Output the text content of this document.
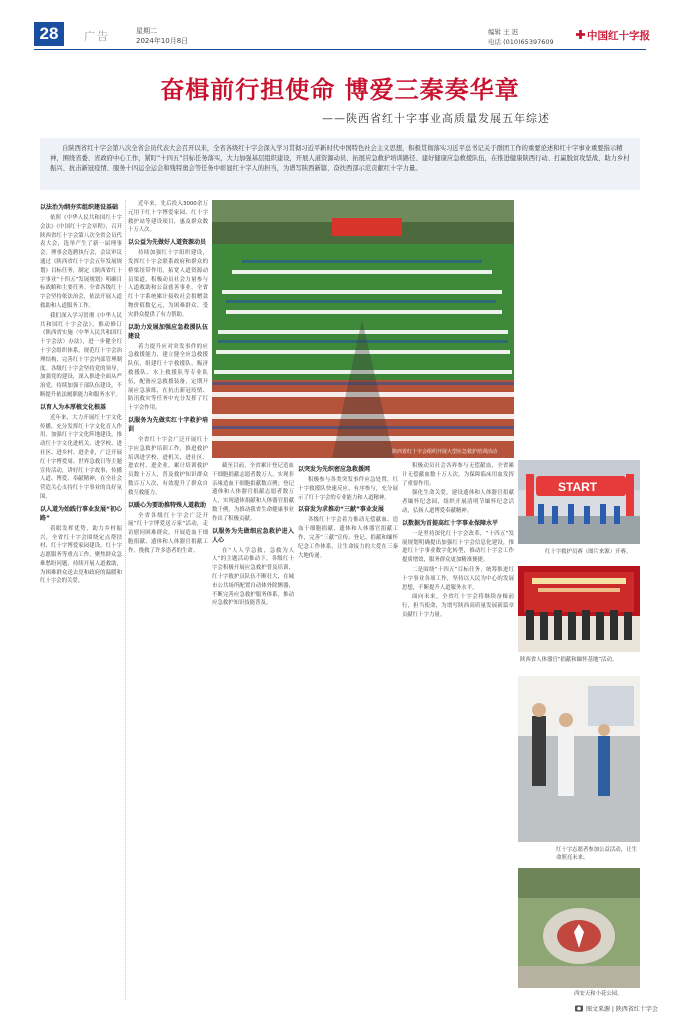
28	广告	星期二
2024年10月8日
编辑 王 迟
电话 (010)65397609	中国红十字报
奋楫前行担使命 博爱三秦奏华章
——陕西省红十字事业高质量发展五年综述
自陕西省红十字会第八次全省会员代表大会召开以来，全省各级红十字会深入学习贯彻习近平新时代中国特色社会主义思想，积极贯彻落实习近平总书记关于群团工作的重要论述和红十字事业重要指示精神，围绕省委、省政府中心工作，紧盯“十四五”目标任务落实，大力加强基层组织建设，开展人道资源动员、拓展应急救护培训路径、建好健康应急救援队伍，在推进健康陕西行动、打赢脱贫攻坚战、助力乡村振兴、抗击新冠疫情、服务十四运全运会和残特奥会等任务中彰显红十字人的担当，为谱写陕西新篇、奋扶西部示范贡献红十字力量。
以法治为纲夯实组织建设基础

依照《中华人民共和国红十字会法》《中国红十字会章程》，召开陕西省红十字会第八次全省会员代表大会，选举产生了新一届理事会。理事会选聘执行会，会议审议通过《陕西省红十字会五年发展规划》目标任务，制定《陕西省红十字事业“十四五”发展规划》明确目标战略和主要任务。全省各级红十字会坚持依法治会，依法开展人道救助和人道服务工作。

我们深入学习贯彻《中华人民共和国红十字会法》，推动修订《陕西省实施〈中华人民共和国红十字会法〉办法》，进一步健全红十字会组织体系，规范红十字会治理结构，完善红十字会内部管理制度。各级红十字会坚持党的领导，加强党的建设，深入推进全面从严治党，持续加强干部队伍建设，不断提升依法履职能力和服务水平。

以育人为本厚植文化根基

近年来，大力开展红十字文化传播，充分发挥红十字文化育人作用。加强红十字文化阵地建设，推动红十字文化进机关、进学校、进社区、进乡村、进企业，广泛开展红十字博爱周、世界急救日等主题宣传活动，讲好红十字故事，传播人道、博爱、奉献精神，在全社会营造关心支持红十字事业的良好氛围。

以人道为始践行事业发展“初心路”

着眼发挥优势，助力乡村振兴，全省红十字会围绕定点帮扶村、红十字博爱家园建设、红十字志愿服务等重点工作，聚焦群众急难愁盼问题，持续开展人道救助，为困难群众送去党和政府的温暖和红十字会的关爱。

近年来，先后投入3000余万元用于红十字博爱家园、红十字救护站等建设项目，惠及群众数十万人次。

以公益为先做好人道资源动员

持续加强红十字组织建设，发挥红十字会联系政府和群众的桥梁纽带作用，拓宽人道资源动员渠道，积极动员社会力量参与人道救助和公益慈善事业，全省红十字系统累计接收社会捐赠款物价值数亿元，为困难群众、受灾群众提供了有力帮助。

以助力发展加强应急救援队伍建设

着力提升应对突发事件的应急救援能力，建立健全应急救援队伍，组建红十字救援队、赈济救援队、水上救援队等专业队伍，配备应急救援装备，定期开展应急演练，在抗击新冠疫情、防汛救灾等任务中充分发挥了红十字会作用。

以服务为先做实红十字救护培训

全省红十字会广泛开展红十字应急救护培训工作，推进救护培训进学校、进机关、进社区、进农村、进企业，累计培训救护员数十万人，普及救护知识群众数百万人次，有效提升了群众自救互救能力。

以暖心为要助推特殊人道救助

全省各级红十字会广泛开展“红十字博爱送万家”活动，走访慰问困难群众，开展造血干细胞捐献、遗体和人体器官捐献工作，挽救了许多患者的生命。

陕西省红十字会组织开展大型应急救护培训活动

截至目前，全省累计登记造血干细胞捐献志愿者数万人，实现非亲缘造血干细胞捐献数百例；登记遗体和人体器官捐献志愿者数万人，实现遗体捐献和人体器官捐献数千例，为推动我省生命健康事业作出了积极贡献。

以服务为先做细应急救护进入人心

在“人人学急救，急救为人人”的主题活动推动下，各级红十字会积极开展应急救护普及培训，红十字救护员队伍不断壮大，在城市公共场所配置自动体外除颤器，不断完善应急救护服务体系，推动应急救护知识技能普及。

以突发为先织密应急救援网

积极参与各类突发事件应急处置，红十字救援队快速反应、有序参与，充分展示了红十字会的专业能力和人道精神。

以奋发为求推动“三献”事业发展

各级红十字会着力推动无偿献血、造血干细胞捐献、遗体和人体器官捐献工作，完善“三献”宣传、登记、捐献和缅怀纪念工作体系，让生命接力的大爱在三秦大地传递。

积极动员社会各界参与无偿献血，全省累计无偿献血数十万人次，为保障临床用血发挥了重要作用。

强化生命关爱，建设遗体和人体器官捐献者缅怀纪念园，组织开展清明节缅怀纪念活动，弘扬人道博爱奉献精神。

以数据为首提高红十字事业保障水平

一是坚持深化红十字会改革，“十四五”发展规划明确提出加强红十字会信息化建设，推进红十字事业数字化转型，推动红十字会工作提质增效，服务群众更加精准便捷。

二是围绕“十四五”目标任务，统筹推进红十字事业各项工作，坚持以人民为中心的发展思想，不断提升人道服务水平。

面向未来，全省红十字会将继续奋楫前行，担当使命，为谱写陕西高质量发展新篇章贡献红十字力量。

START
红十字救护员赛（图片来源）开赛。
陕西省人体器官“捐献和缅怀基地”活动。
红十字志愿者参加公益活动，让生命照亮未来。
西安天和小花公园。
图文来源 | 陕西省红十字会
